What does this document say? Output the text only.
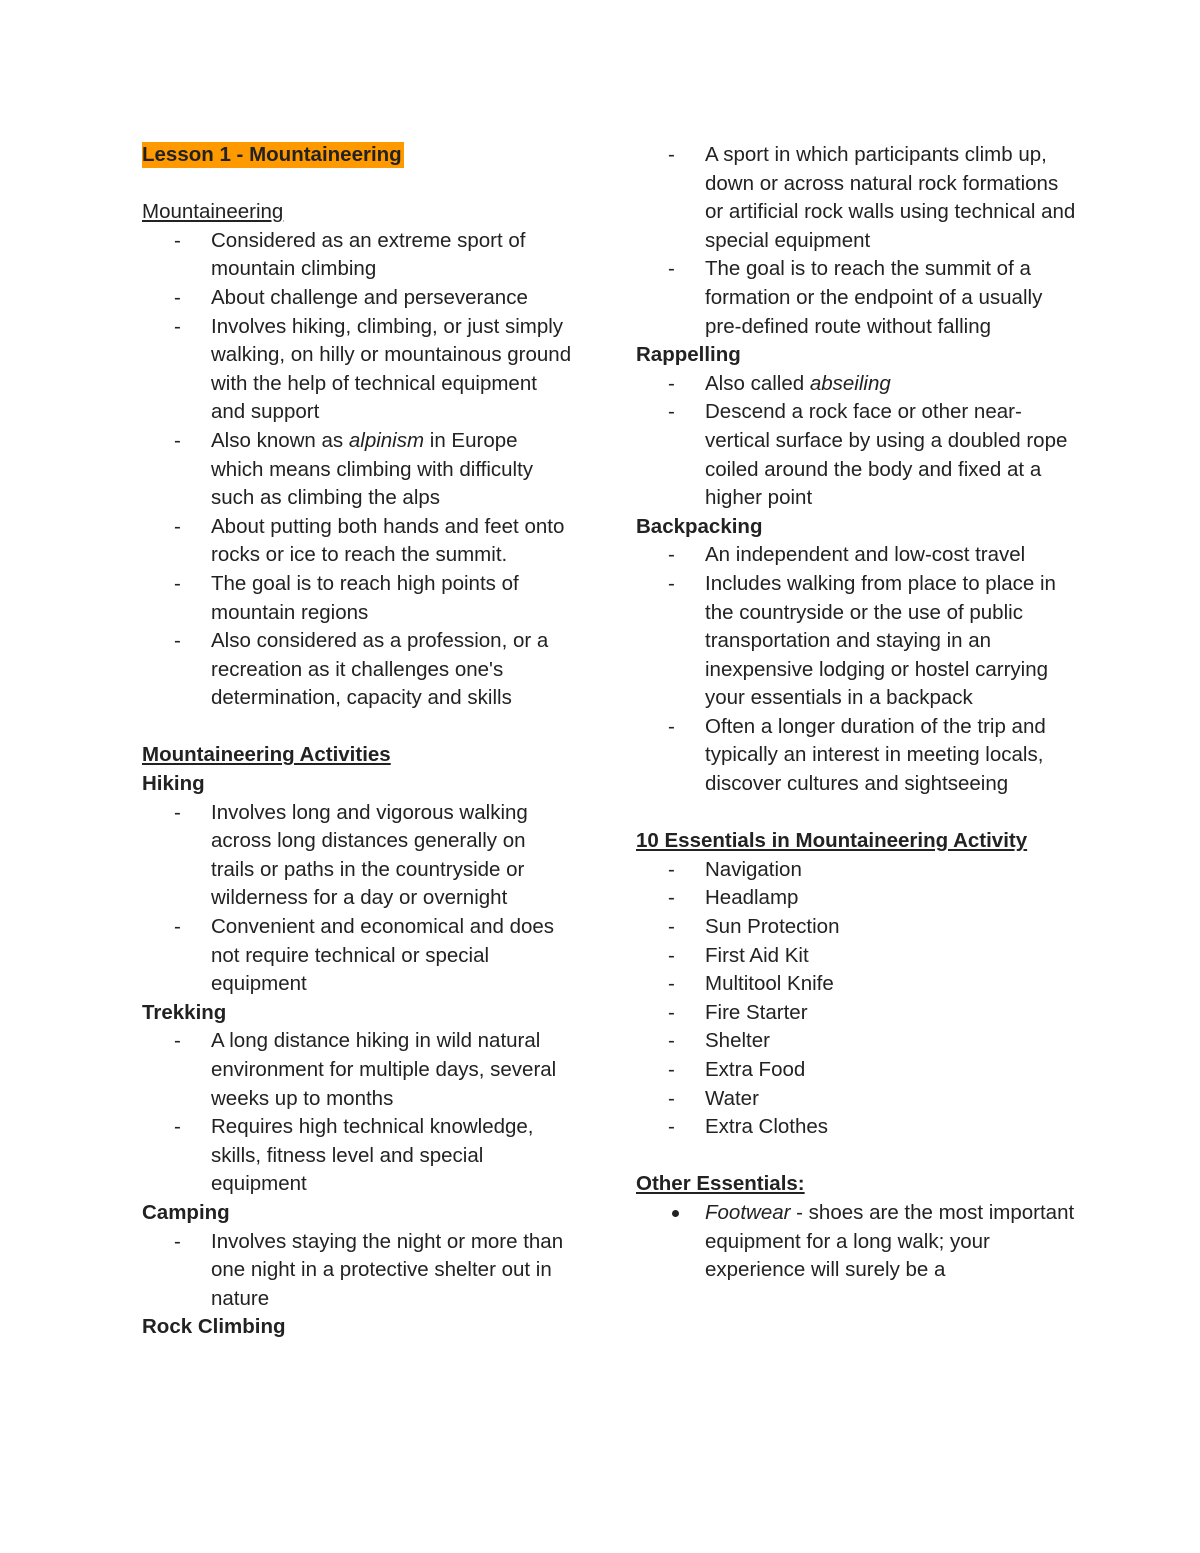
Lesson 1 - Mountaineering
Mountaineering
- Considered as an extreme sport of mountain climbing
- About challenge and perseverance
- Involves hiking, climbing, or just simply walking, on hilly or mountainous ground with the help of technical equipment and support
- Also known as alpinism in Europe which means climbing with difficulty such as climbing the alps
- About putting both hands and feet onto rocks or ice to reach the summit.
- The goal is to reach high points of mountain regions
- Also considered as a profession, or a recreation as it challenges one's determination, capacity and skills
Mountaineering Activities
Hiking
- Involves long and vigorous walking across long distances generally on trails or paths in the countryside or wilderness for a day or overnight
- Convenient and economical and does not require technical or special equipment
Trekking
- A long distance hiking in wild natural environment for multiple days, several weeks up to months
- Requires high technical knowledge, skills, fitness level and special equipment
Camping
- Involves staying the night or more than one night in a protective shelter out in nature
Rock Climbing
- A sport in which participants climb up, down or across natural rock formations or artificial rock walls using technical and special equipment
- The goal is to reach the summit of a formation or the endpoint of a usually pre-defined route without falling
Rappelling
- Also called abseiling
- Descend a rock face or other near-vertical surface by using a doubled rope coiled around the body and fixed at a higher point
Backpacking
- An independent and low-cost travel
- Includes walking from place to place in the countryside or the use of public transportation and staying in an inexpensive lodging or hostel carrying your essentials in a backpack
- Often a longer duration of the trip and typically an interest in meeting locals, discover cultures and sightseeing
10 Essentials in Mountaineering Activity
- Navigation
- Headlamp
- Sun Protection
- First Aid Kit
- Multitool Knife
- Fire Starter
- Shelter
- Extra Food
- Water
- Extra Clothes
Other Essentials:
Footwear - shoes are the most important equipment for a long walk; your experience will surely be a
